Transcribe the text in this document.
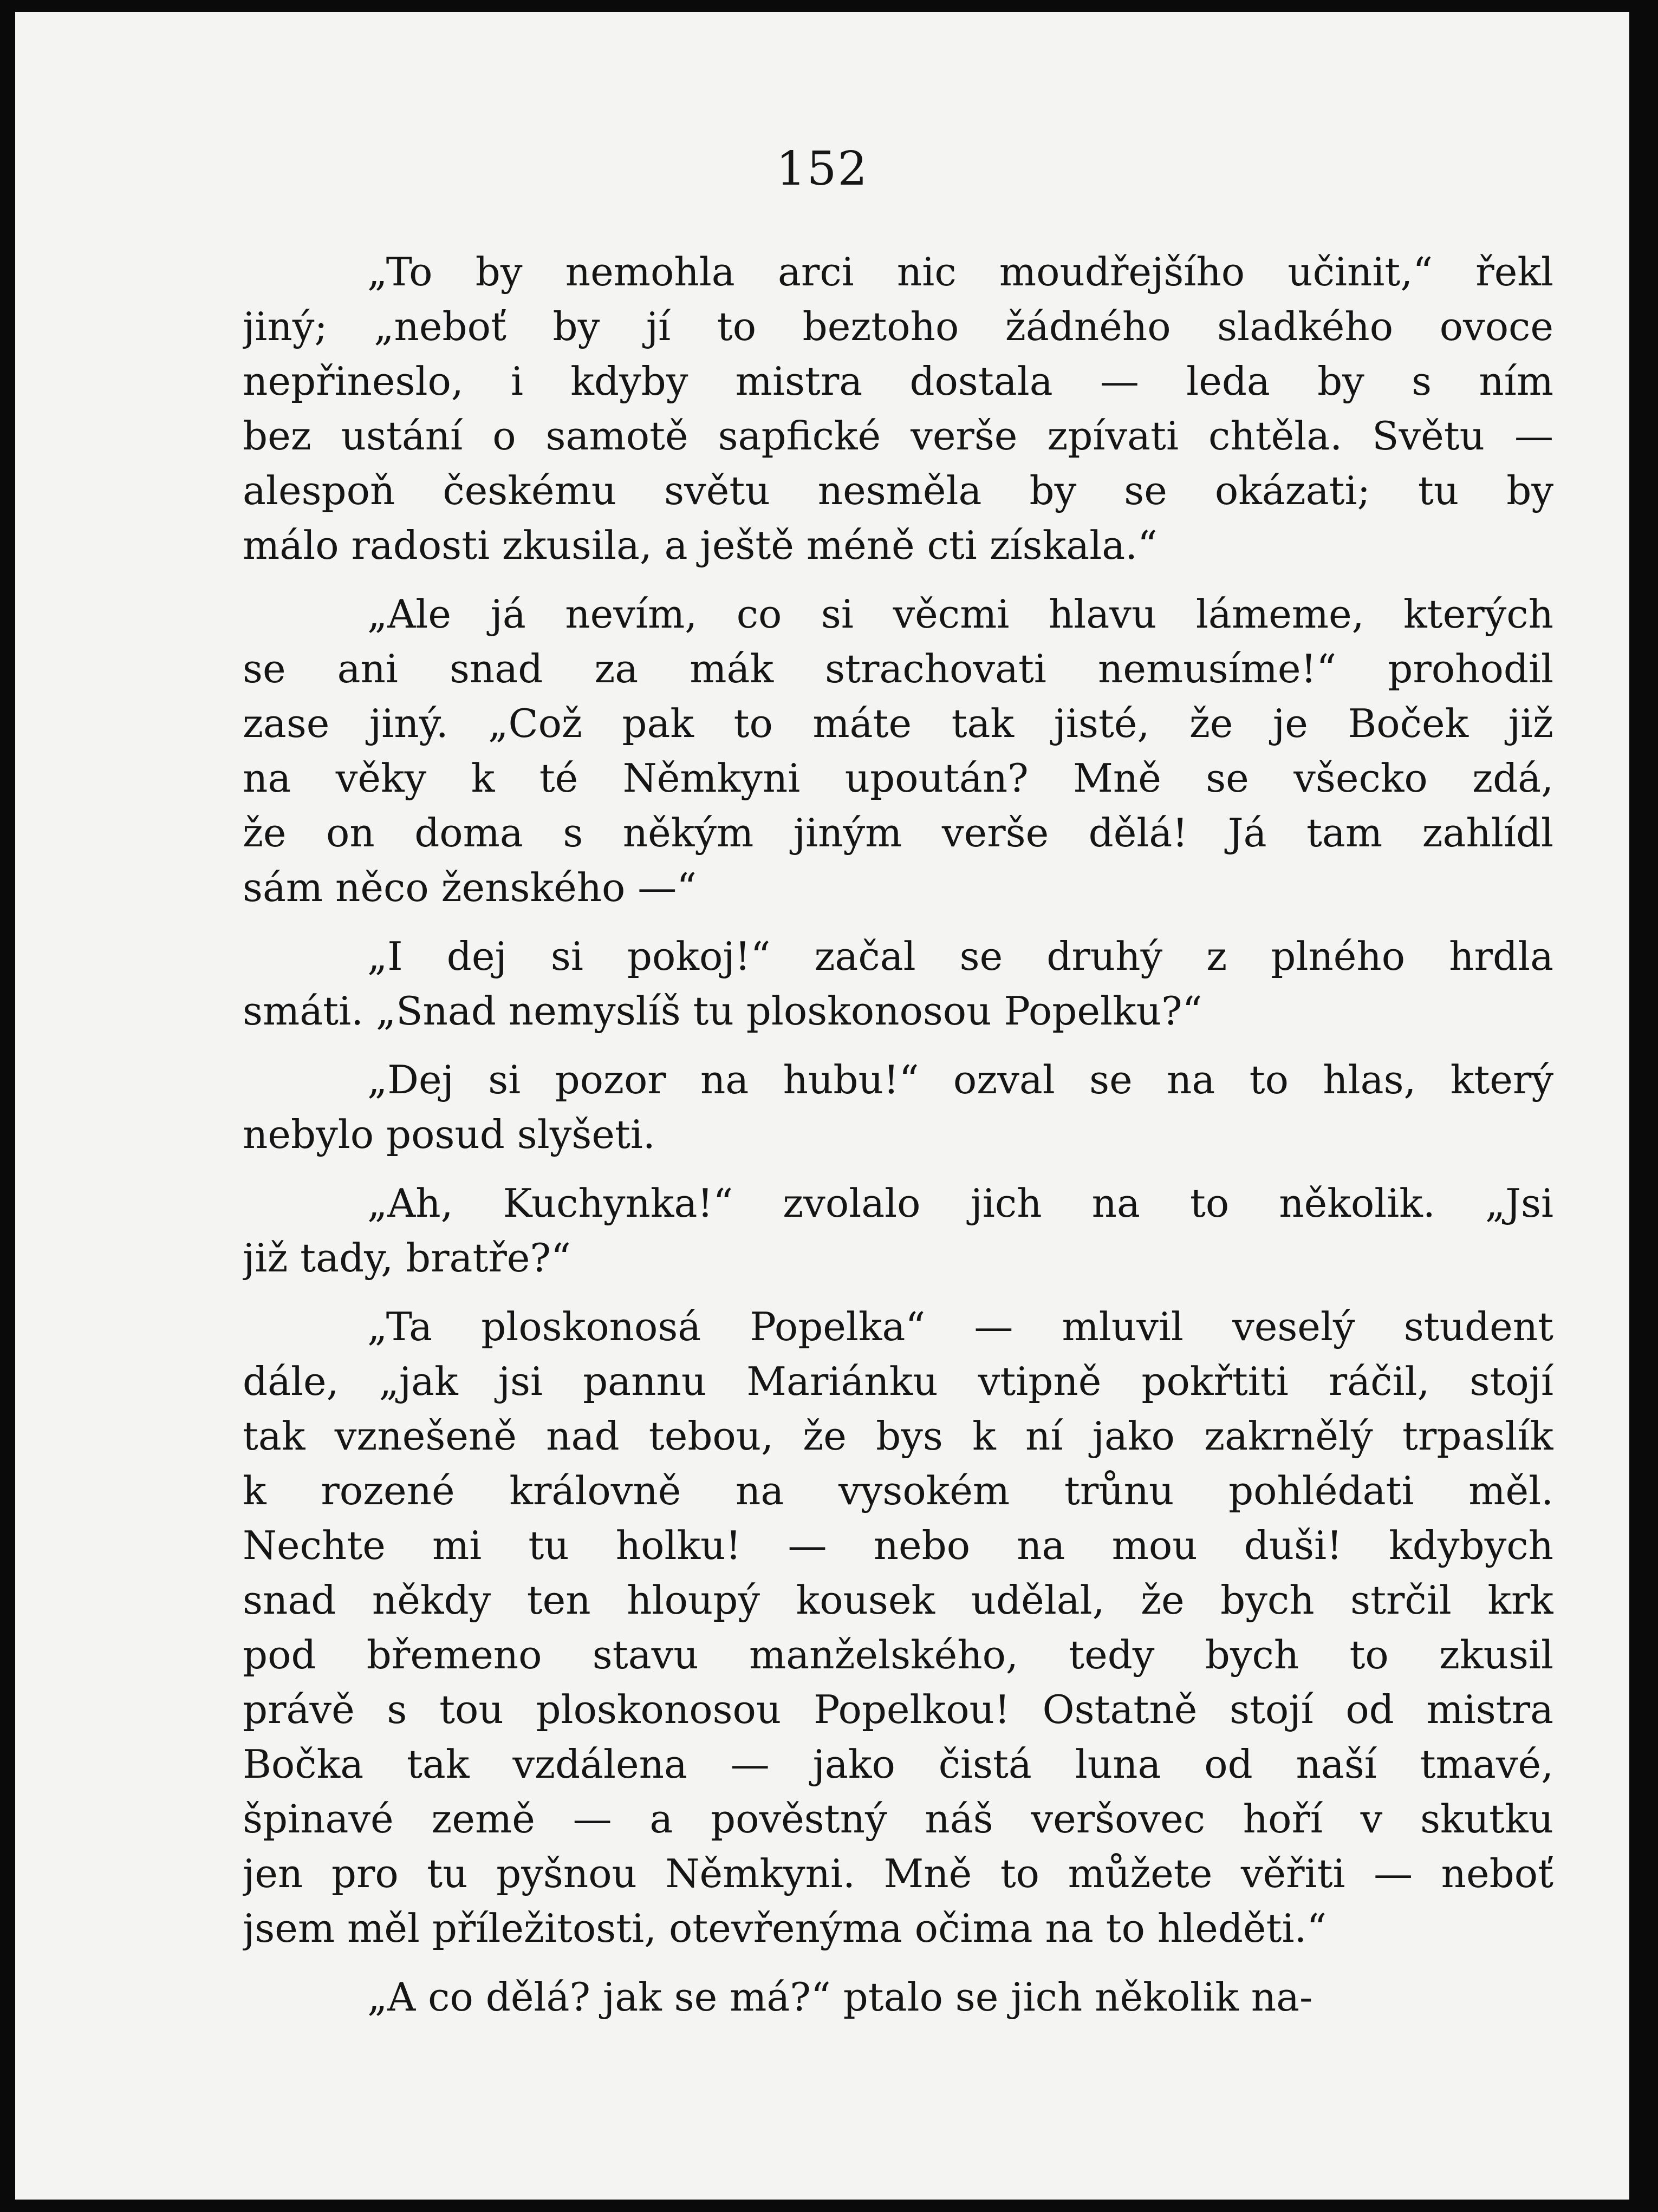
152
„To by nemohla arci nic moudřejšího učinit,“ řekl
jiný; „neboť by jí to beztoho žádného sladkého ovoce
nepřineslo, i kdyby mistra dostala — leda by s ním
bez ustání o samotě sapfické verše zpívati chtěla. Světu —
alespoň českému světu nesměla by se okázati; tu by
málo radosti zkusila, a ještě méně cti získala.“
„Ale já nevím, co si věcmi hlavu lámeme, kterých
se ani snad za mák strachovati nemusíme!“ prohodil
zase jiný. „Což pak to máte tak jisté, že je Boček již
na věky k té Němkyni upoután? Mně se všecko zdá,
že on doma s někým jiným verše dělá! Já tam zahlídl
sám něco ženského —“
„I dej si pokoj!“ začal se druhý z plného hrdla
smáti. „Snad nemyslíš tu ploskonosou Popelku?“
„Dej si pozor na hubu!“ ozval se na to hlas, který
nebylo posud slyšeti.
„Ah, Kuchynka!“ zvolalo jich na to několik. „Jsi
již tady, bratře?“
„Ta ploskonosá Popelka“ — mluvil veselý student
dále, „jak jsi pannu Mariánku vtipně pokřtiti ráčil, stojí
tak vznešeně nad tebou, že bys k ní jako zakrnělý trpaslík
k rozené královně na vysokém trůnu pohlédati měl.
Nechte mi tu holku! — nebo na mou duši! kdybych
snad někdy ten hloupý kousek udělal, že bych strčil krk
pod břemeno stavu manželského, tedy bych to zkusil
právě s tou ploskonosou Popelkou! Ostatně stojí od mistra
Bočka tak vzdálena — jako čistá luna od naší tmavé,
špinavé země — a pověstný náš veršovec hoří v skutku
jen pro tu pyšnou Němkyni. Mně to můžete věřiti — neboť
jsem měl příležitosti, otevřenýma očima na to hleděti.“
„A co dělá? jak se má?“ ptalo se jich několik na-
